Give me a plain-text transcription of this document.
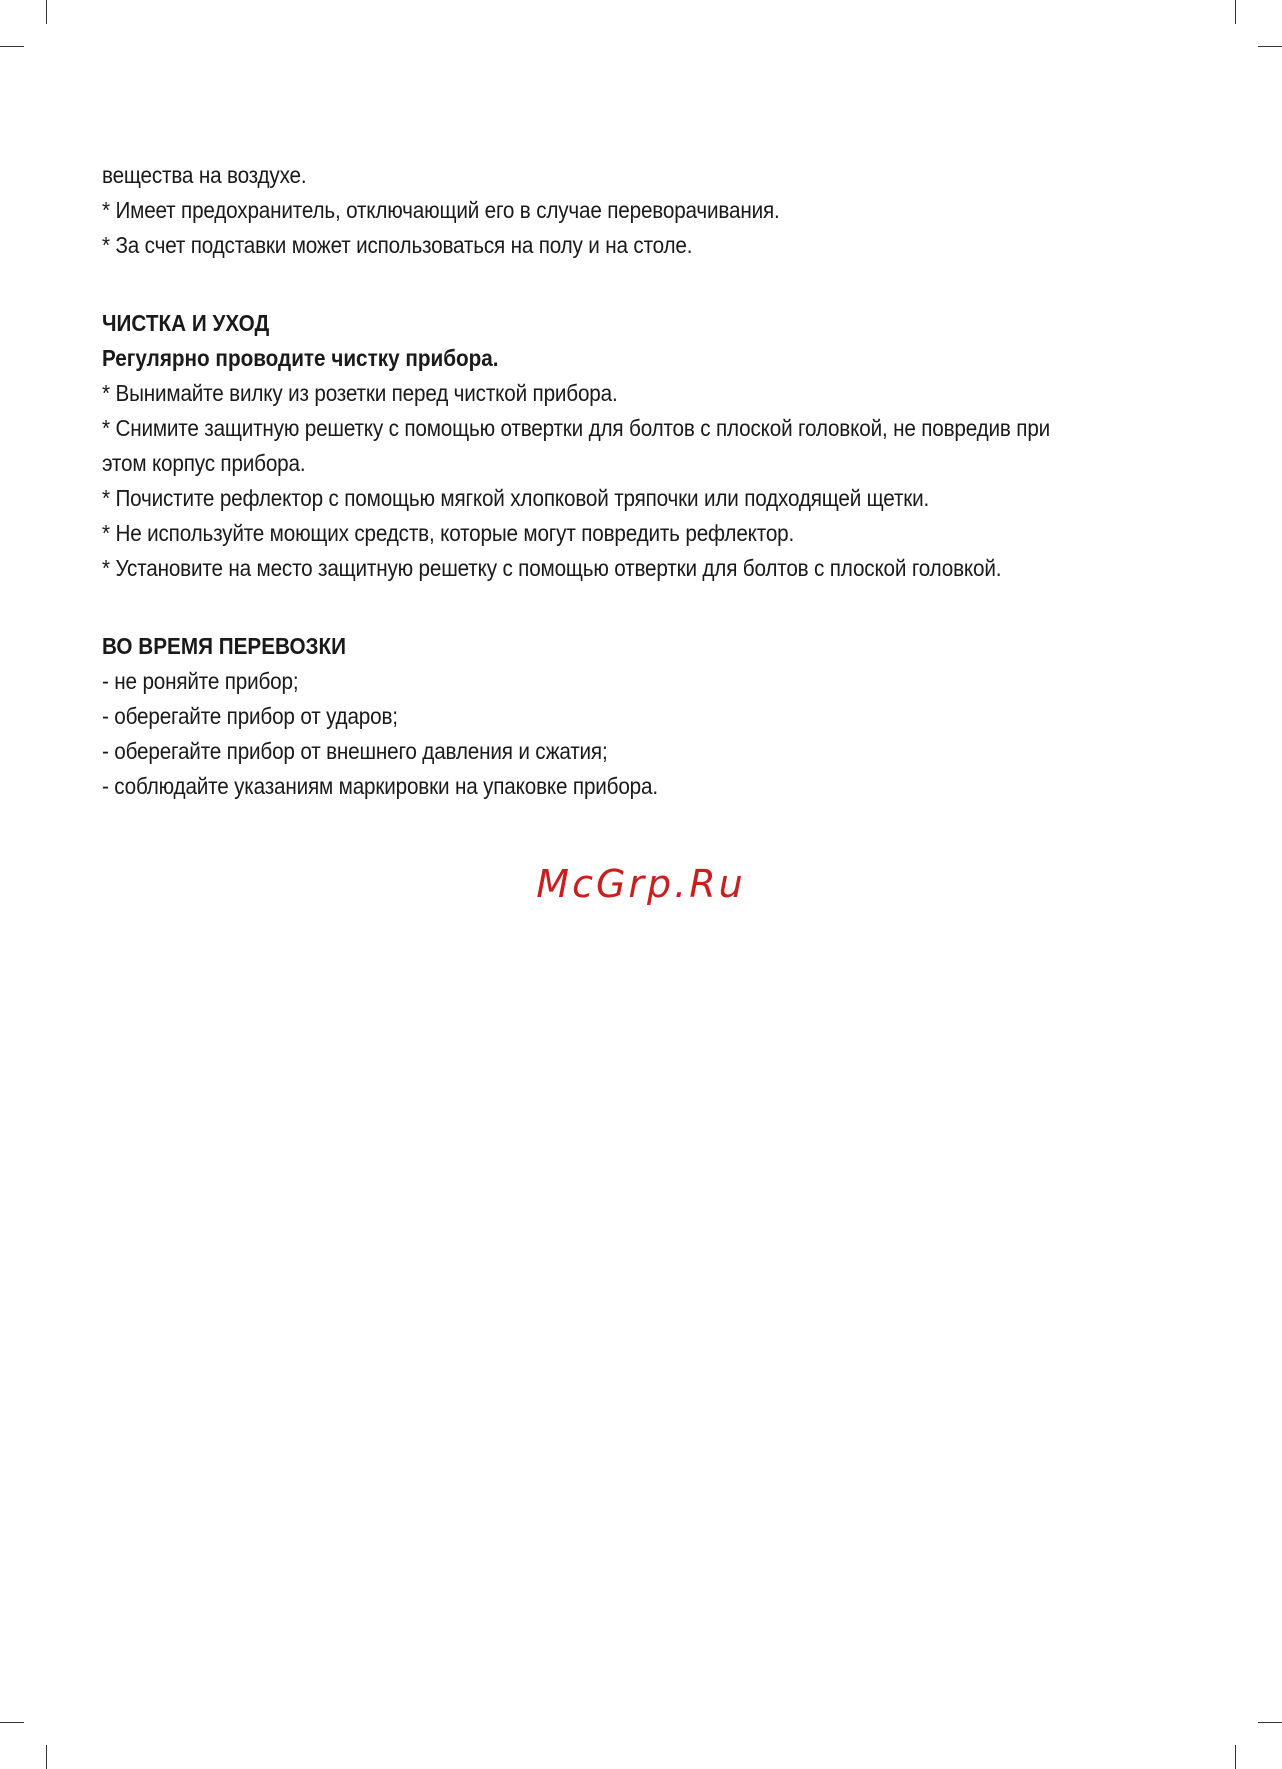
вещества на воздухе.
* Имеет предохранитель, отключающий его в случае переворачивания.
* За счет подставки может использоваться на полу и на столе.
ЧИСТКА И УХОД
Регулярно проводите чистку прибора.
* Вынимайте вилку из розетки перед чисткой прибора.
* Снимите защитную решетку с помощью отвертки для болтов с плоской головкой, не повредив при
этом корпус прибора.
* Почистите рефлектор с помощью мягкой хлопковой тряпочки или подходящей щетки.
* Не используйте моющих средств, которые могут повредить рефлектор.
* Установите на место защитную решетку с помощью отвертки для болтов с плоской головкой.
ВО ВРЕМЯ ПЕРЕВОЗКИ
- не роняйте прибор;
- оберегайте прибор от ударов;
- оберегайте прибор от внешнего давления и сжатия;
- соблюдайте указаниям маркировки на упаковке прибора.
McGrp.Ru
